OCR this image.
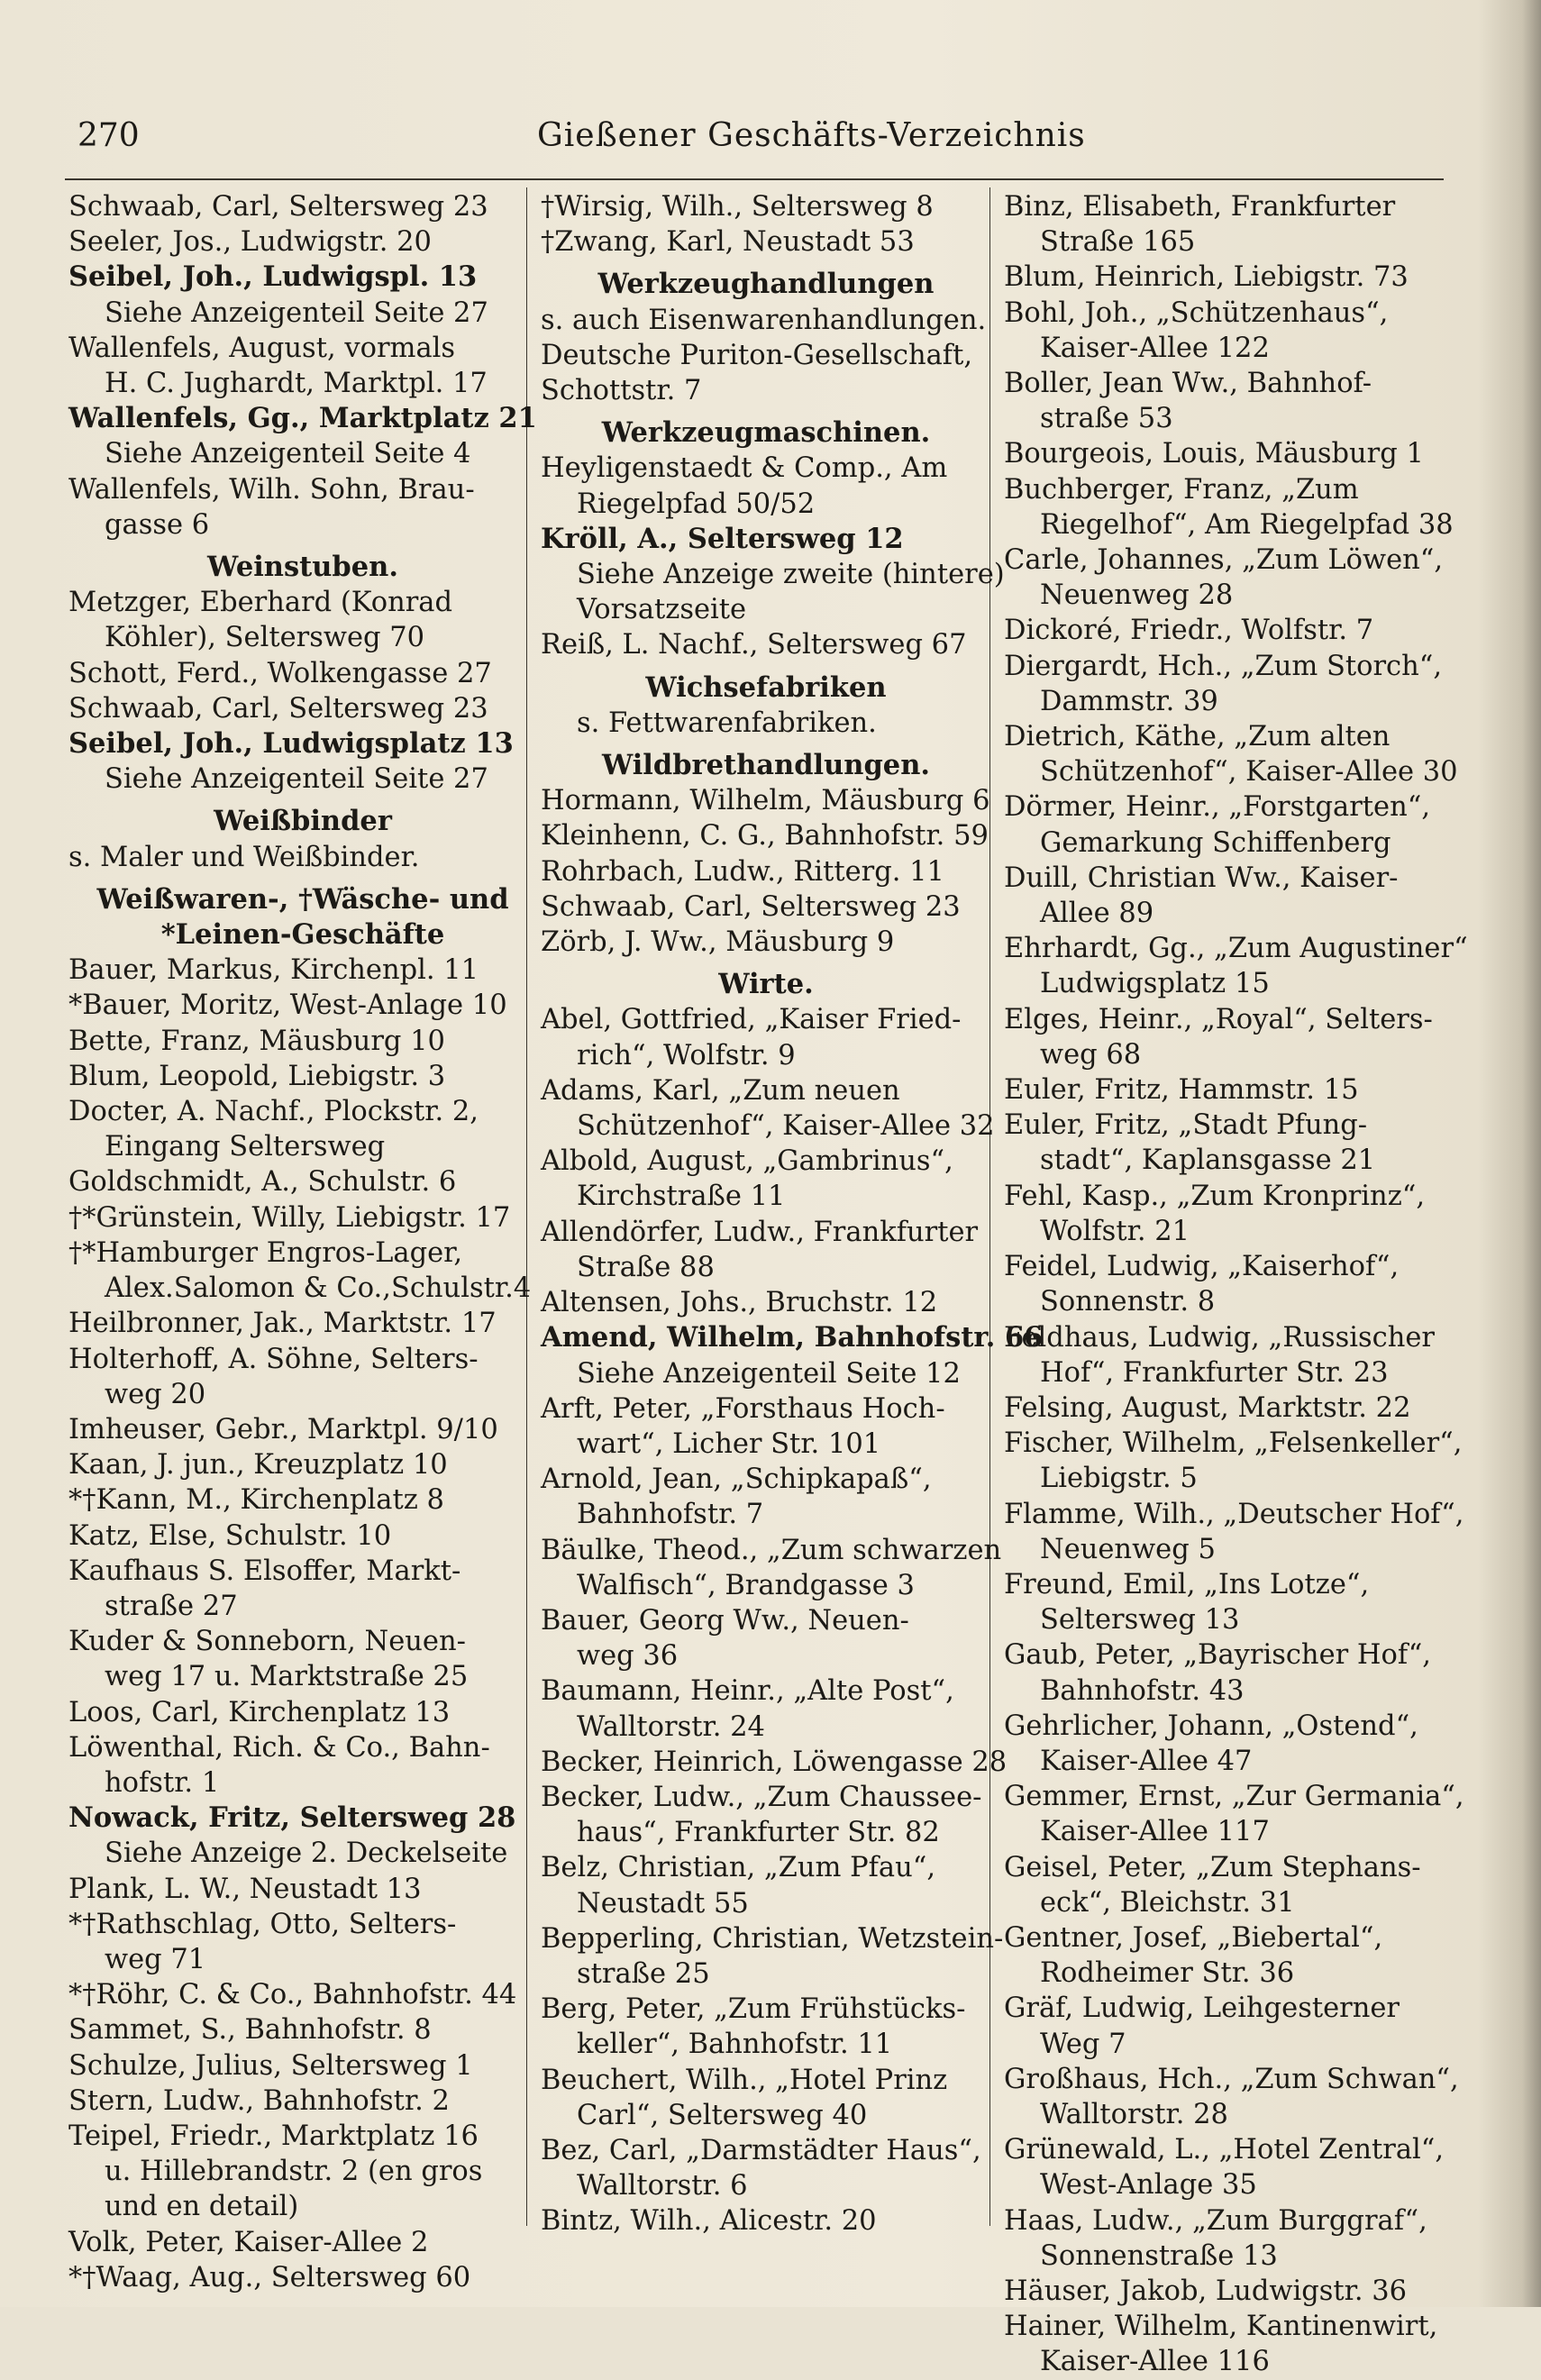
270	Gießener Geschäfts-Verzeichnis
Schwaab, Carl, Seltersweg 23
Seeler, Jos., Ludwigstr. 20
Seibel, Joh., Ludwigspl. 13
Siehe Anzeigenteil Seite 27
Wallenfels, August, vormals
H. C. Jughardt, Marktpl. 17
Wallenfels, Gg., Marktplatz 21
Siehe Anzeigenteil Seite 4
Wallenfels, Wilh. Sohn, Brau-
gasse 6
Weinstuben.
Metzger, Eberhard (Konrad
Köhler), Seltersweg 70
Schott, Ferd., Wolkengasse 27
Schwaab, Carl, Seltersweg 23
Seibel, Joh., Ludwigsplatz 13
Siehe Anzeigenteil Seite 27
Weißbinder
s. Maler und Weißbinder.
Weißwaren-, †Wäsche- und
*Leinen-Geschäfte
Bauer, Markus, Kirchenpl. 11
*Bauer, Moritz, West-Anlage 10
Bette, Franz, Mäusburg 10
Blum, Leopold, Liebigstr. 3
Docter, A. Nachf., Plockstr. 2,
Eingang Seltersweg
Goldschmidt, A., Schulstr. 6
†*Grünstein, Willy, Liebigstr. 17
†*Hamburger Engros-Lager,
Alex.Salomon & Co.,Schulstr.4
Heilbronner, Jak., Marktstr. 17
Holterhoff, A. Söhne, Selters-
weg 20
Imheuser, Gebr., Marktpl. 9/10
Kaan, J. jun., Kreuzplatz 10
*†Kann, M., Kirchenplatz 8
Katz, Else, Schulstr. 10
Kaufhaus S. Elsoffer, Markt-
straße 27
Kuder & Sonneborn, Neuen-
weg 17 u. Marktstraße 25
Loos, Carl, Kirchenplatz 13
Löwenthal, Rich. & Co., Bahn-
hofstr. 1
Nowack, Fritz, Seltersweg 28
Siehe Anzeige 2. Deckelseite
Plank, L. W., Neustadt 13
*†Rathschlag, Otto, Selters-
weg 71
*†Röhr, C. & Co., Bahnhofstr. 44
Sammet, S., Bahnhofstr. 8
Schulze, Julius, Seltersweg 1
Stern, Ludw., Bahnhofstr. 2
Teipel, Friedr., Marktplatz 16
u. Hillebrandstr. 2 (en gros
und en detail)
Volk, Peter, Kaiser-Allee 2
*†Waag, Aug., Seltersweg 60
†Wirsig, Wilh., Seltersweg 8
†Zwang, Karl, Neustadt 53
Werkzeughandlungen
s. auch Eisenwarenhandlungen.
Deutsche Puriton-Gesellschaft,
Schottstr. 7
Werkzeugmaschinen.
Heyligenstaedt & Comp., Am
Riegelpfad 50/52
Kröll, A., Seltersweg 12
Siehe Anzeige zweite (hintere)
Vorsatzseite
Reiß, L. Nachf., Seltersweg 67
Wichsefabriken
s. Fettwarenfabriken.
Wildbrethandlungen.
Hormann, Wilhelm, Mäusburg 6
Kleinhenn, C. G., Bahnhofstr. 59
Rohrbach, Ludw., Ritterg. 11
Schwaab, Carl, Seltersweg 23
Zörb, J. Ww., Mäusburg 9
Wirte.
Abel, Gottfried, „Kaiser Fried-
rich“, Wolfstr. 9
Adams, Karl, „Zum neuen
Schützenhof“, Kaiser-Allee 32
Albold, August, „Gambrinus“,
Kirchstraße 11
Allendörfer, Ludw., Frankfurter
Straße 88
Altensen, Johs., Bruchstr. 12
Amend, Wilhelm, Bahnhofstr. 66
Siehe Anzeigenteil Seite 12
Arft, Peter, „Forsthaus Hoch-
wart“, Licher Str. 101
Arnold, Jean, „Schipkapaß“,
Bahnhofstr. 7
Bäulke, Theod., „Zum schwarzen
Walfisch“, Brandgasse 3
Bauer, Georg Ww., Neuen-
weg 36
Baumann, Heinr., „Alte Post“,
Walltorstr. 24
Becker, Heinrich, Löwengasse 28
Becker, Ludw., „Zum Chaussee-
haus“, Frankfurter Str. 82
Belz, Christian, „Zum Pfau“,
Neustadt 55
Bepperling, Christian, Wetzstein-
straße 25
Berg, Peter, „Zum Frühstücks-
keller“, Bahnhofstr. 11
Beuchert, Wilh., „Hotel Prinz
Carl“, Seltersweg 40
Bez, Carl, „Darmstädter Haus“,
Walltorstr. 6
Bintz, Wilh., Alicestr. 20
Binz, Elisabeth, Frankfurter
Straße 165
Blum, Heinrich, Liebigstr. 73
Bohl, Joh., „Schützenhaus“,
Kaiser-Allee 122
Boller, Jean Ww., Bahnhof-
straße 53
Bourgeois, Louis, Mäusburg 1
Buchberger, Franz, „Zum
Riegelhof“, Am Riegelpfad 38
Carle, Johannes, „Zum Löwen“,
Neuenweg 28
Dickoré, Friedr., Wolfstr. 7
Diergardt, Hch., „Zum Storch“,
Dammstr. 39
Dietrich, Käthe, „Zum alten
Schützenhof“, Kaiser-Allee 30
Dörmer, Heinr., „Forstgarten“,
Gemarkung Schiffenberg
Duill, Christian Ww., Kaiser-
Allee 89
Ehrhardt, Gg., „Zum Augustiner“
Ludwigsplatz 15
Elges, Heinr., „Royal“, Selters-
weg 68
Euler, Fritz, Hammstr. 15
Euler, Fritz, „Stadt Pfung-
stadt“, Kaplansgasse 21
Fehl, Kasp., „Zum Kronprinz“,
Wolfstr. 21
Feidel, Ludwig, „Kaiserhof“,
Sonnenstr. 8
Feldhaus, Ludwig, „Russischer
Hof“, Frankfurter Str. 23
Felsing, August, Marktstr. 22
Fischer, Wilhelm, „Felsenkeller“,
Liebigstr. 5
Flamme, Wilh., „Deutscher Hof“,
Neuenweg 5
Freund, Emil, „Ins Lotze“,
Seltersweg 13
Gaub, Peter, „Bayrischer Hof“,
Bahnhofstr. 43
Gehrlicher, Johann, „Ostend“,
Kaiser-Allee 47
Gemmer, Ernst, „Zur Germania“,
Kaiser-Allee 117
Geisel, Peter, „Zum Stephans-
eck“, Bleichstr. 31
Gentner, Josef, „Biebertal“,
Rodheimer Str. 36
Gräf, Ludwig, Leihgesterner
Weg 7
Großhaus, Hch., „Zum Schwan“,
Walltorstr. 28
Grünewald, L., „Hotel Zentral“,
West-Anlage 35
Haas, Ludw., „Zum Burggraf“,
Sonnenstraße 13
Häuser, Jakob, Ludwigstr. 36
Hainer, Wilhelm, Kantinenwirt,
Kaiser-Allee 116
